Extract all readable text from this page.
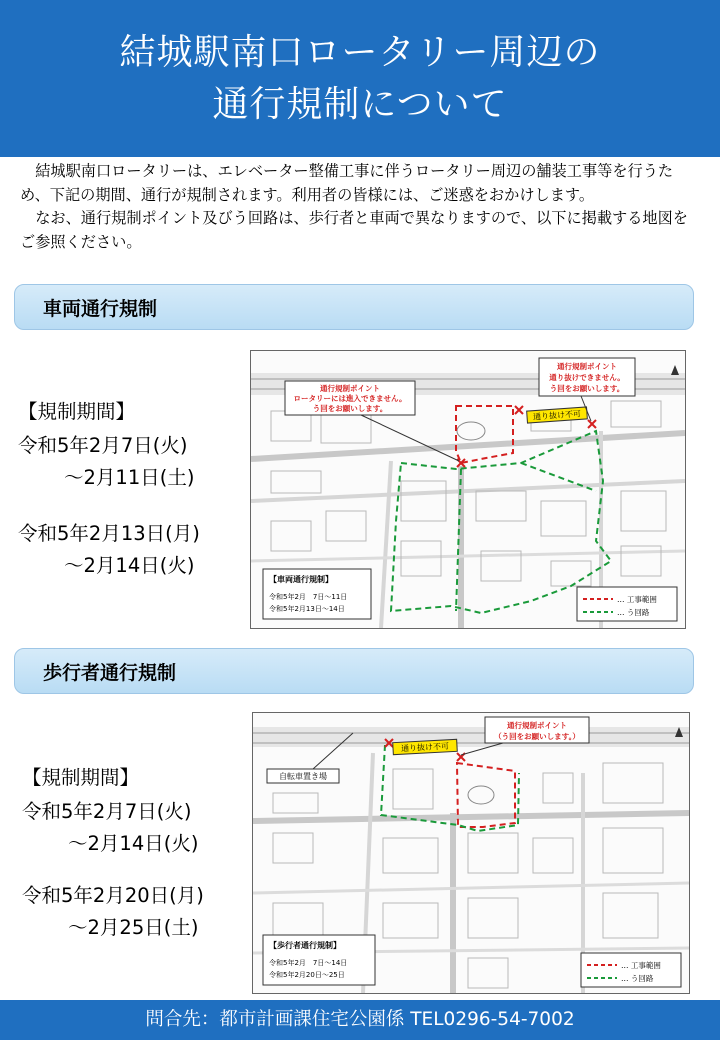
結城駅南口ロータリー周辺の
通行規制について

結城駅南口ロータリーは、エレベーター整備工事に伴うロータリー周辺の舗装工事等を行うため、下記の期間、通行が規制されます。利用者の皆様には、ご迷惑をおかけします。

なお、通行規制ポイント及びう回路は、歩行者と車両で異なりますので、以下に掲載する地図をご参照ください。

車両通行規制
【規制期間】
令和5年2月7日(火)
～2月11日(土)
令和5年2月13日(月)
～2月14日(火)
通り抜け不可
通行規制ポイント
ロータリーには進入できません。
う回をお願いします。
通行規制ポイント
通り抜けできません。
う回をお願いします。
【車両通行規制】
令和5年2月　7日～11日
令和5年2月13日～14日
… 工事範囲
… う回路
歩行者通行規制
【規制期間】
令和5年2月7日(火)
～2月14日(火)
令和5年2月20日(月)
～2月25日(土)
通り抜け不可
自転車置き場
通行規制ポイント
（う回をお願いします。）
【歩行者通行規制】
令和5年2月　7日～14日
令和5年2月20日～25日
… 工事範囲
… う回路
問合先：都市計画課住宅公園係 TEL0296-54-7002
